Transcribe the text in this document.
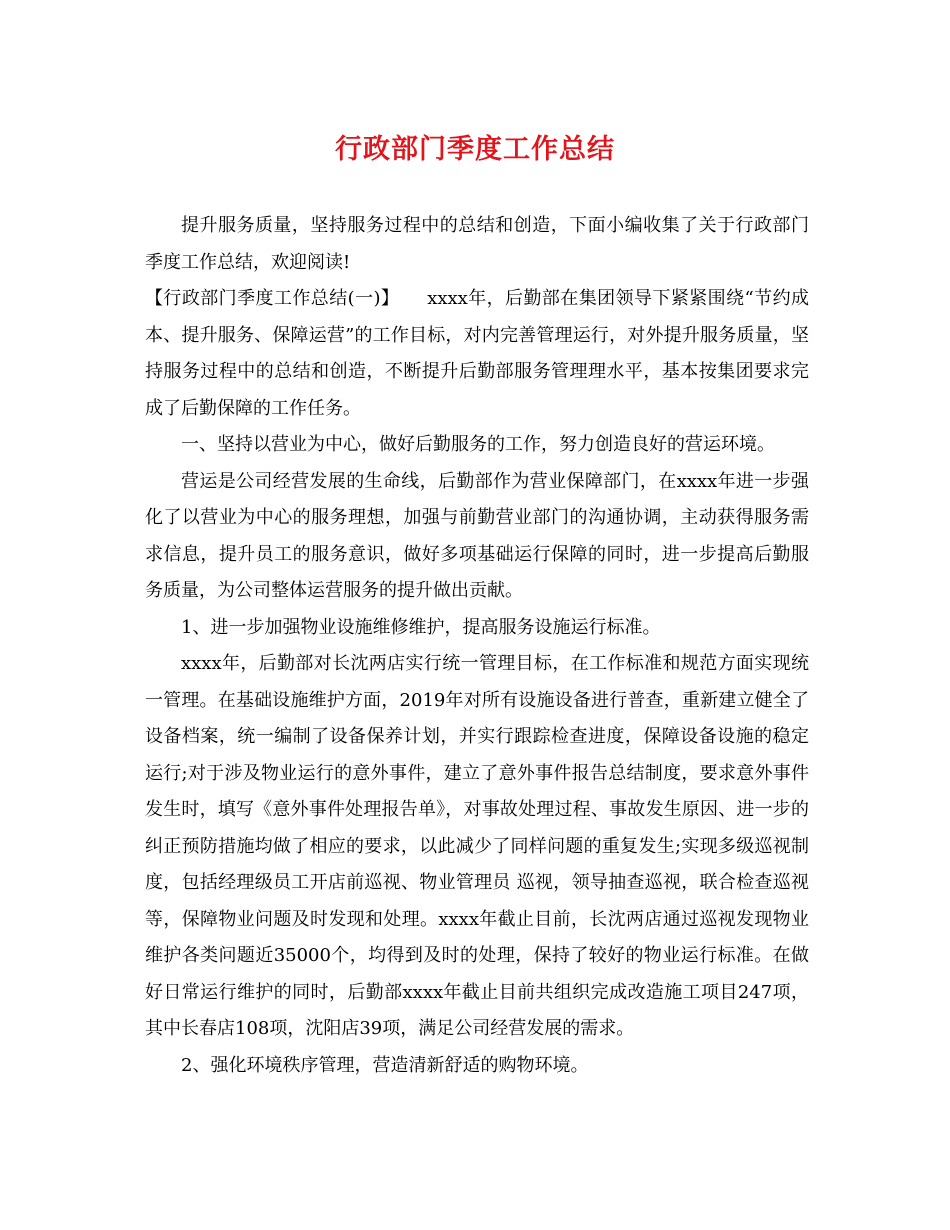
行政部门季度工作总结

提升服务质量，坚持服务过程中的总结和创造，下面小编收集了关于行政部门季度工作总结，欢迎阅读!

【行政部门季度工作总结(一)】　　xxxx年，后勤部在集团领导下紧紧围绕“节约成本、提升服务、保障运营”的工作目标，对内完善管理运行，对外提升服务质量，坚持服务过程中的总结和创造，不断提升后勤部服务管理理水平，基本按集团要求完成了后勤保障的工作任务。

一、坚持以营业为中心，做好后勤服务的工作，努力创造良好的营运环境。

营运是公司经营发展的生命线，后勤部作为营业保障部门，在xxxx年进一步强化了以营业为中心的服务理想，加强与前勤营业部门的沟通协调，主动获得服务需求信息，提升员工的服务意识，做好多项基础运行保障的同时，进一步提高后勤服务质量，为公司整体运营服务的提升做出贡献。

1、进一步加强物业设施维修维护，提高服务设施运行标准。

xxxx年，后勤部对长沈两店实行统一管理目标，在工作标准和规范方面实现统一管理。在基础设施维护方面，2019年对所有设施设备进行普查，重新建立健全了设备档案，统一编制了设备保养计划，并实行跟踪检查进度，保障设备设施的稳定运行;对于涉及物业运行的意外事件，建立了意外事件报告总结制度，要求意外事件发生时，填写《意外事件处理报告单》，对事故处理过程、事故发生原因、进一步的纠正预防措施均做了相应的要求，以此减少了同样问题的重复发生;实现多级巡视制度，包括经理级员工开店前巡视、物业管理员 巡视，领导抽查巡视，联合检查巡视等，保障物业问题及时发现和处理。xxxx年截止目前，长沈两店通过巡视发现物业维护各类问题近35000个，均得到及时的处理，保持了较好的物业运行标准。在做好日常运行维护的同时，后勤部xxxx年截止目前共组织完成改造施工项目247项，其中长春店108项，沈阳店39项，满足公司经营发展的需求。

2、强化环境秩序管理，营造清新舒适的购物环境。
